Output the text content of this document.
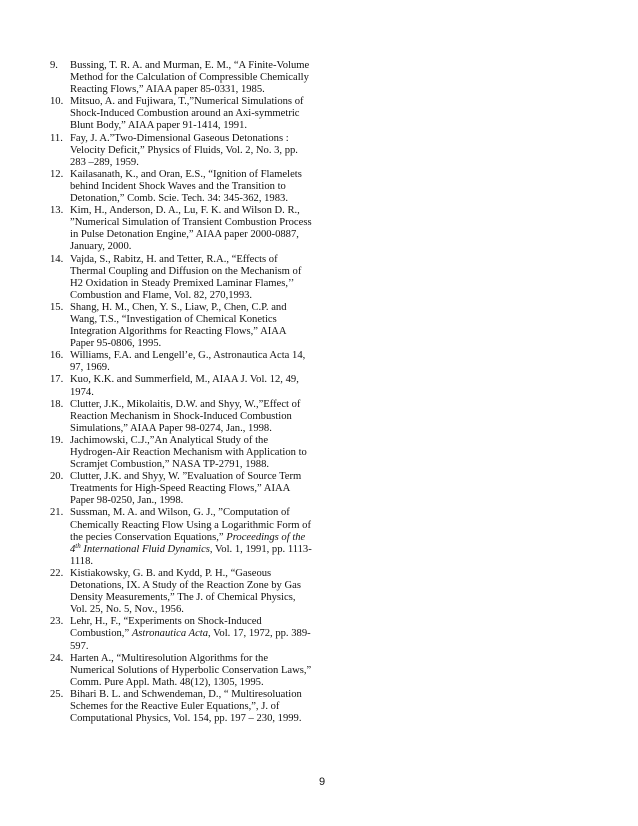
9.	Bussing, T. R. A. and Murman, E. M., “A Finite-Volume Method for the Calculation of Compressible Chemically Reacting Flows,” AIAA paper 85-0331, 1985.
10. Mitsuo, A. and Fujiwara, T.,”Numerical Simulations of Shock-Induced Combustion around an Axi-symmetric Blunt Body,” AIAA paper 91-1414, 1991.
11. Fay, J. A.”Two-Dimensional Gaseous Detonations : Velocity Deficit,” Physics of Fluids, Vol. 2, No. 3, pp. 283 –289, 1959.
12. Kailasanath, K., and Oran, E.S., “Ignition of Flamelets behind Incident Shock Waves and the Transition to Detonation,” Comb. Scie. Tech. 34: 345-362, 1983.
13. Kim, H., Anderson, D. A., Lu, F. K. and Wilson D. R., ”Numerical Simulation of Transient Combustion Process in Pulse Detonation Engine,” AIAA paper 2000-0887, January, 2000.
14. Vajda, S., Rabitz, H. and Tetter, R.A., “Effects of Thermal Coupling and Diffusion on the Mechanism of H2 Oxidation in Steady Premixed Laminar Flames,’’ Combustion and Flame, Vol. 82, 270,1993.
15. Shang, H. M., Chen, Y. S., Liaw, P., Chen, C.P. and Wang, T.S., “Investigation of Chemical Konetics Integration Algorithms for Reacting Flows,” AIAA Paper 95-0806, 1995.
16. Williams, F.A. and Lengell’e, G., Astronautica Acta 14, 97, 1969.
17. Kuo, K.K. and Summerfield, M., AIAA J. Vol. 12, 49, 1974.
18. Clutter, J.K., Mikolaitis, D.W. and Shyy, W.,”Effect of Reaction Mechanism in Shock-Induced Combustion Simulations,” AIAA Paper 98-0274, Jan., 1998.
19. Jachimowski, C.J.,”An Analytical Study of the Hydrogen-Air Reaction Mechanism with Application to Scramjet Combustion,” NASA TP-2791, 1988.
20. Clutter, J.K. and Shyy, W. ”Evaluation of Source Term Treatments for High-Speed Reacting Flows,” AIAA Paper 98-0250, Jan., 1998.
21. Sussman, M. A. and Wilson, G. J., ”Computation of Chemically Reacting Flow Using a Logarithmic Form of the pecies Conservation Equations,” Proceedings of the 4th International Fluid Dynamics, Vol. 1, 1991, pp. 1113-1118.
22. Kistiakowsky, G. B. and Kydd, P. H., “Gaseous Detonations, IX. A Study of the Reaction Zone by Gas Density Measurements,” The J. of Chemical Physics, Vol. 25, No. 5, Nov., 1956.
23. Lehr, H., F., “Experiments on Shock-Induced Combustion,” Astronautica Acta, Vol. 17, 1972, pp. 389-597.
24. Harten A., “Multiresolution Algorithms for the Numerical Solutions of Hyperbolic Conservation Laws,” Comm. Pure Appl. Math. 48(12), 1305, 1995.
25. Bihari B. L. and Schwendeman, D., “ Multiresoluation Schemes for the Reactive Euler Equations,”, J. of Computational Physics, Vol. 154, pp. 197 – 230, 1999.
9
